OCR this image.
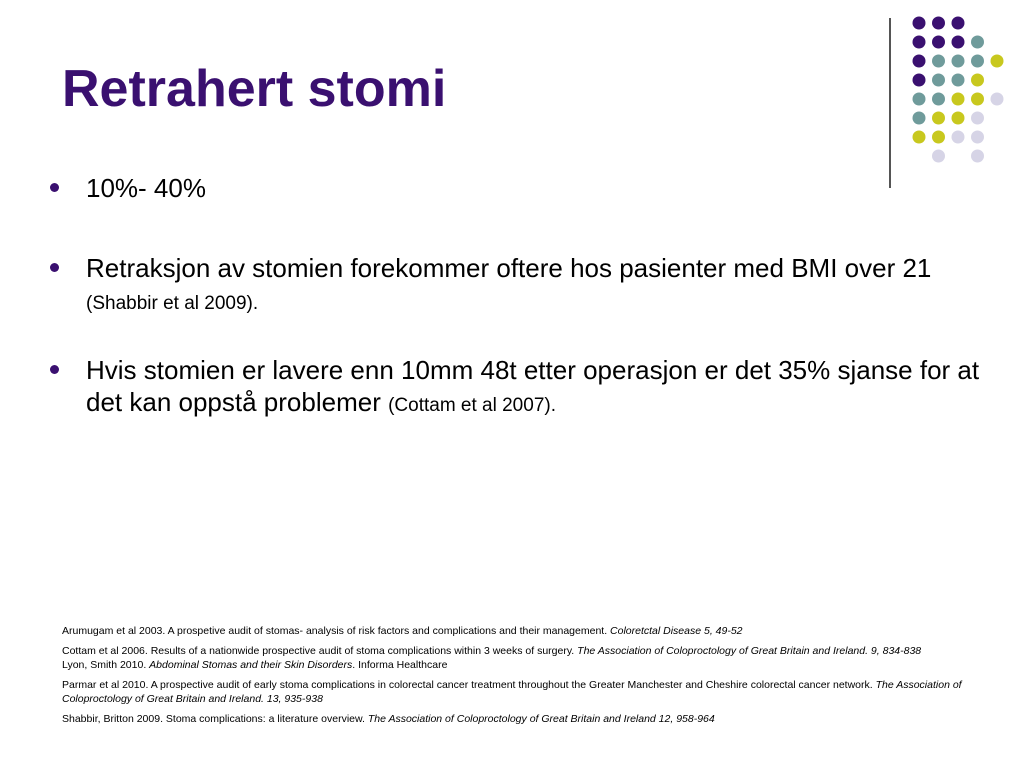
Retrahert stomi
10%- 40%
Retraksjon av stomien forekommer oftere hos pasienter med BMI over 21 (Shabbir et al 2009).
Hvis stomien er lavere enn 10mm 48t etter operasjon er det 35% sjanse for at det kan oppstå problemer (Cottam et al 2007).

Arumugam et al 2003. A prospetive audit of stomas- analysis of risk factors and complications and their management. Coloretctal Disease 5, 49-52

Cottam et al 2006. Results of a nationwide prospective audit of stoma complications within 3 weeks of surgery. The Association of Coloproctology of Great Britain and Ireland. 9, 834-838

Lyon, Smith 2010. Abdominal Stomas and their Skin Disorders. Informa Healthcare

Parmar et al 2010. A prospective audit of early stoma complications in colorectal cancer treatment throughout the Greater Manchester and Cheshire colorectal cancer network. The Association of Coloproctology of Great Britain and Ireland. 13, 935-938

Shabbir, Britton 2009. Stoma complications: a literature overview. The Association of Coloproctology of Great Britain and Ireland 12, 958-964
